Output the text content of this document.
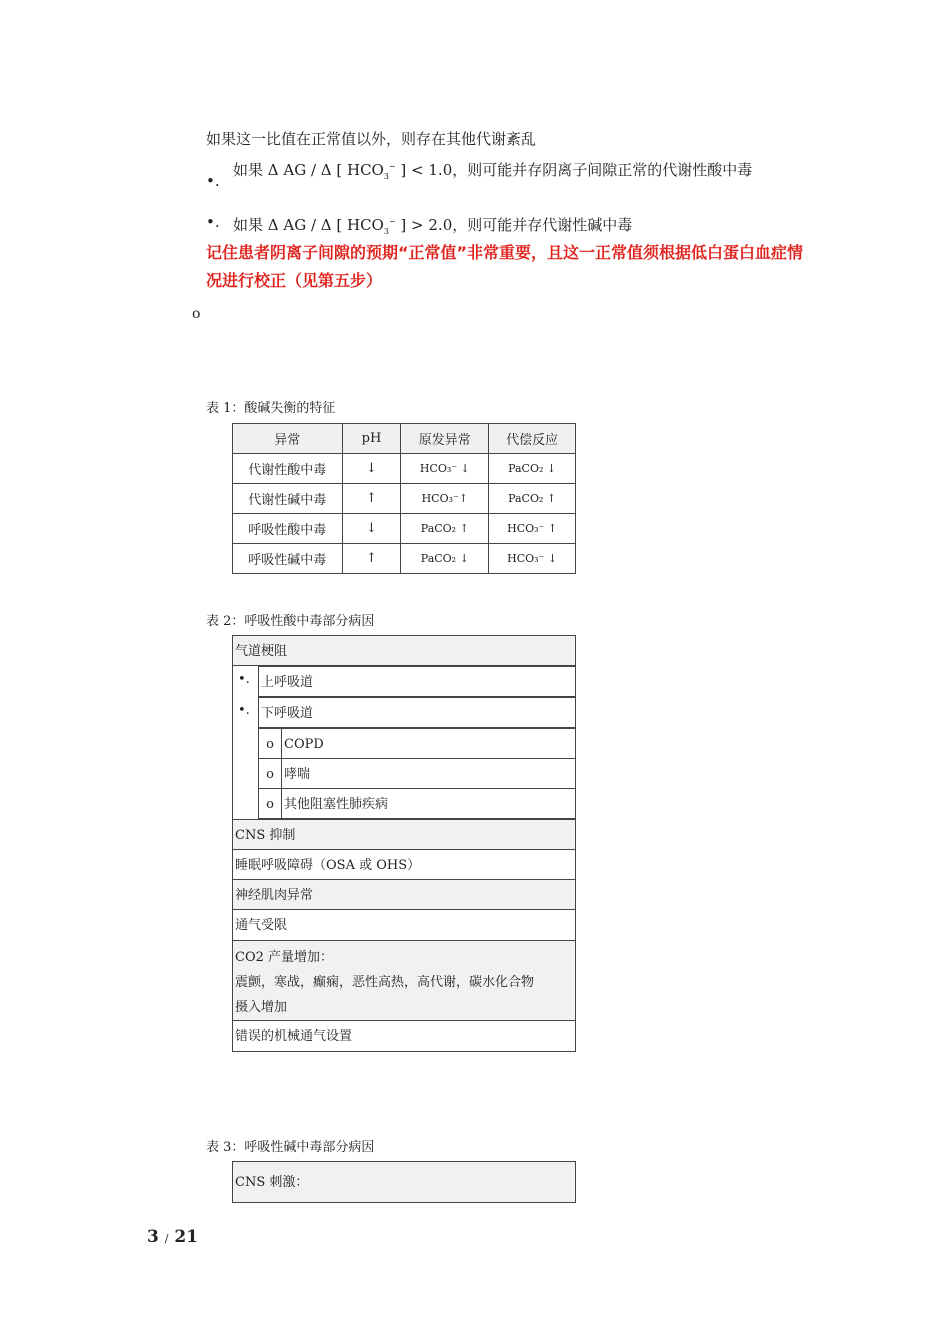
如果这一比值在正常值以外，则存在其他代谢紊乱
•.
如果 Δ AG / Δ [ $HCO_3^-$ ] < 1.0，则可能并存阴离子间隙正常的代谢性酸中毒
•. 如果 Δ AG / Δ [ $HCO_3^-$ ] > 2.0，则可能并存代谢性碱中毒
记住患者阴离子间隙的预期“正常值”非常重要，且这一正常值须根据低白蛋白血症情况进行校正（见第五步）
o
表 1：酸碱失衡的特征
异常	pH	原发异常	代偿反应
代谢性酸中毒	↓	HCO₃⁻ ↓	PaCO₂ ↓
代谢性碱中毒	↑	HCO₃⁻↑	PaCO₂ ↑
呼吸性酸中毒	↓	PaCO₂ ↑	HCO₃⁻ ↑
呼吸性碱中毒	↑	PaCO₂ ↓	HCO₃⁻ ↓
表 2：呼吸性酸中毒部分病因
气道梗阻
上呼吸道
•.
下呼吸道
•.
o COPD
o 哮喘
o 其他阻塞性肺疾病
CNS 抑制
睡眠呼吸障碍（OSA 或 OHS）
神经肌肉异常
通气受限
CO2 产量增加：
震颤，寒战，癫痫，恶性高热，高代谢，碳水化合物
摄入增加
错误的机械通气设置
表 3：呼吸性碱中毒部分病因
CNS 刺激：
3 / 21
